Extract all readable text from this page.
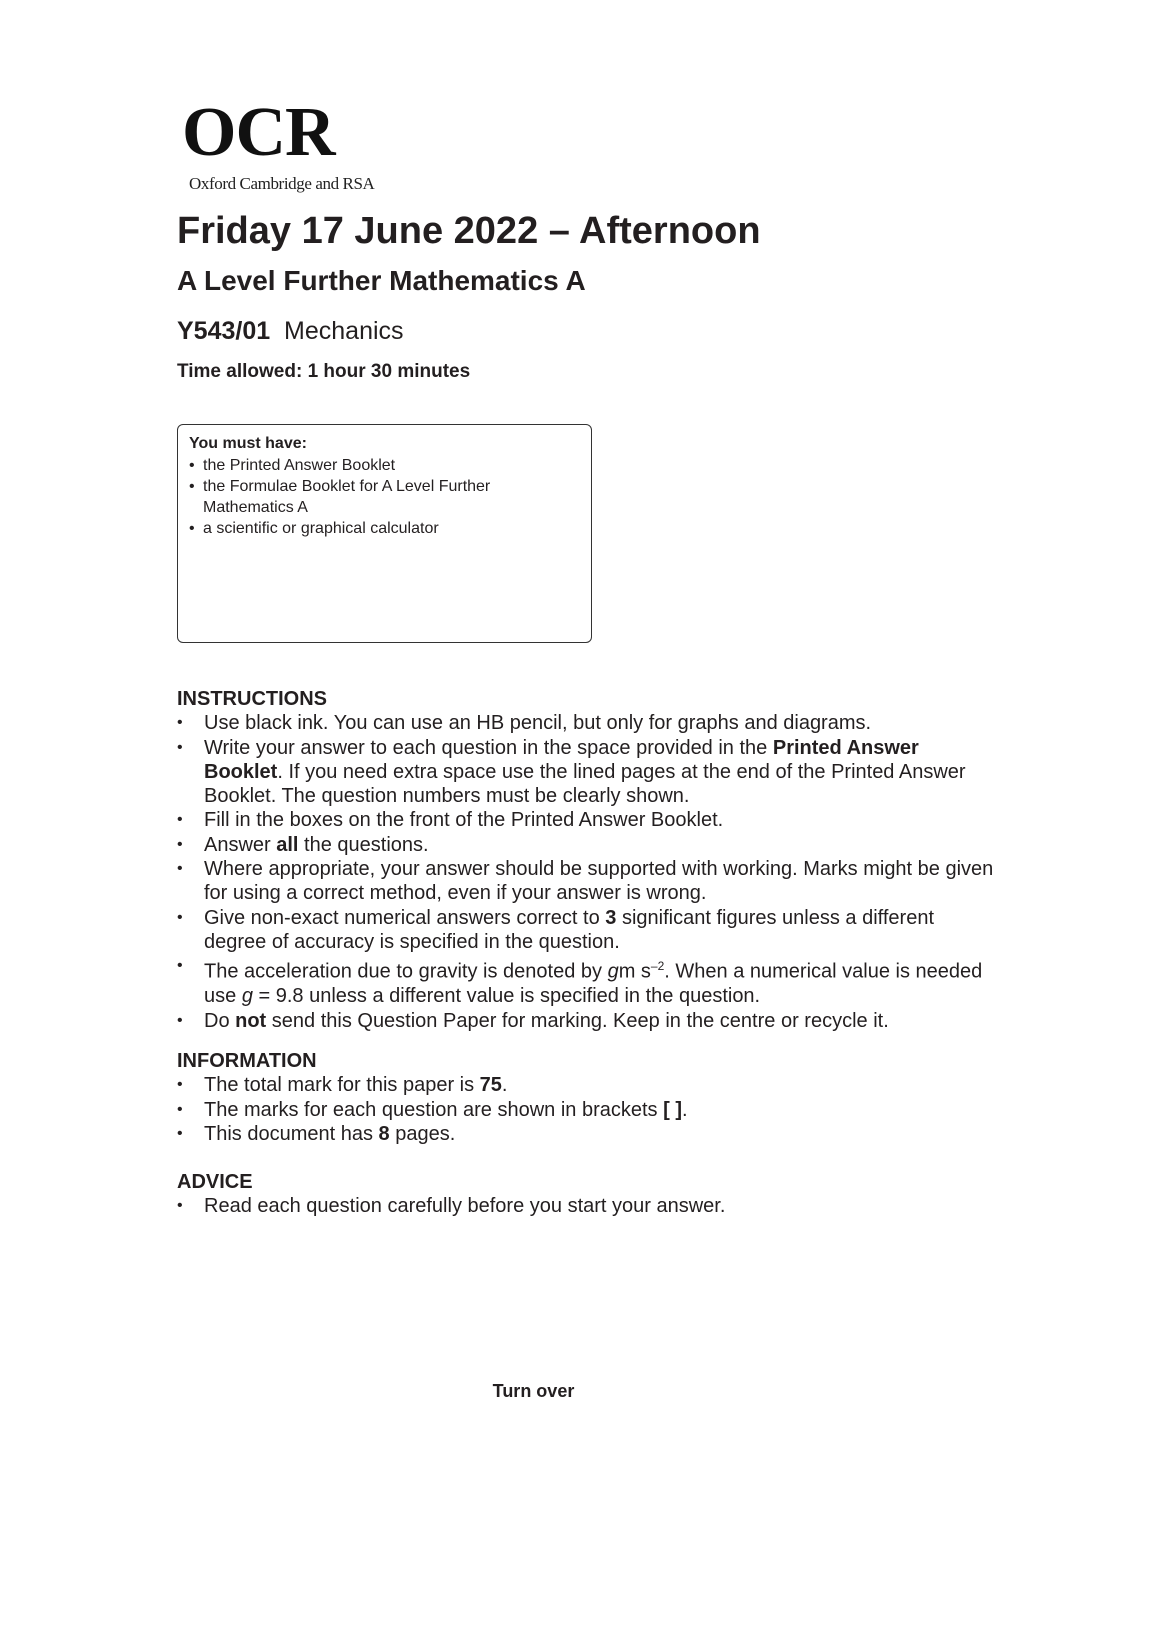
OCR
Oxford Cambridge and RSA
Friday 17 June 2022 – Afternoon
A Level Further Mathematics A
Y543/01 Mechanics
Time allowed: 1 hour 30 minutes
You must have:
• the Printed Answer Booklet
• the Formulae Booklet for A Level Further Mathematics A
• a scientific or graphical calculator
INSTRUCTIONS
• Use black ink. You can use an HB pencil, but only for graphs and diagrams.
• Write your answer to each question in the space provided in the Printed Answer Booklet. If you need extra space use the lined pages at the end of the Printed Answer Booklet. The question numbers must be clearly shown.
• Fill in the boxes on the front of the Printed Answer Booklet.
• Answer all the questions.
• Where appropriate, your answer should be supported with working. Marks might be given for using a correct method, even if your answer is wrong.
• Give non-exact numerical answers correct to 3 significant figures unless a different degree of accuracy is specified in the question.
• The acceleration due to gravity is denoted by gm $s^{-2}$. When a numerical value is needed use g = 9.8 unless a different value is specified in the question.
• Do not send this Question Paper for marking. Keep in the centre or recycle it.
INFORMATION
• The total mark for this paper is 75.
• The marks for each question are shown in brackets [ ].
• This document has 8 pages.
ADVICE
• Read each question carefully before you start your answer.
Turn over
